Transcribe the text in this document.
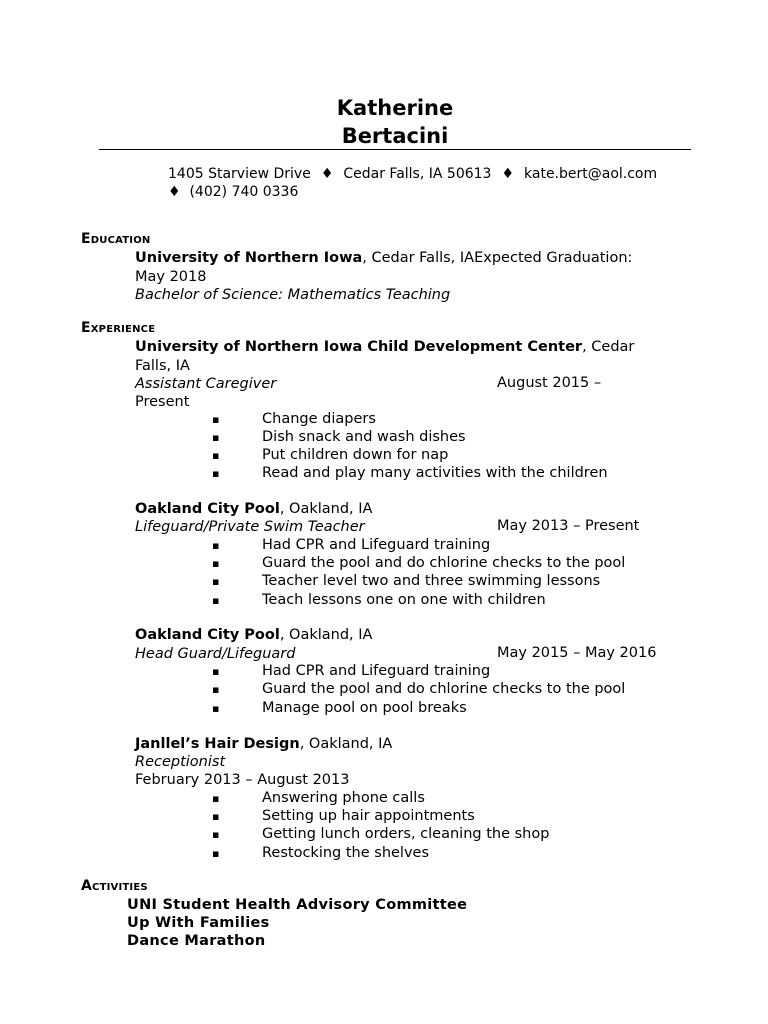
Katherine
Bertacini
1405 Starview Drive ♦ Cedar Falls, IA 50613 ♦ kate.bert@aol.com
♦ (402) 740 0336
Education
University of Northern Iowa, Cedar Falls, IAExpected Graduation:
May 2018
Bachelor of Science: Mathematics Teaching
Experience
University of Northern Iowa Child Development Center, Cedar
Falls, IA
Assistant Caregiver	August 2015 –
Present
▪	Change diapers
▪	Dish snack and wash dishes
▪	Put children down for nap
▪	Read and play many activities with the children
Oakland City Pool, Oakland, IA
Lifeguard/Private Swim Teacher	May 2013 – Present
▪	Had CPR and Lifeguard training
▪	Guard the pool and do chlorine checks to the pool
▪	Teacher level two and three swimming lessons
▪	Teach lessons one on one with children
Oakland City Pool, Oakland, IA
Head Guard/Lifeguard	May 2015 – May 2016
▪	Had CPR and Lifeguard training
▪	Guard the pool and do chlorine checks to the pool
▪	Manage pool on pool breaks
Janllel’s Hair Design, Oakland, IA
Receptionist
February 2013 – August 2013
▪	Answering phone calls
▪	Setting up hair appointments
▪	Getting lunch orders, cleaning the shop
▪	Restocking the shelves
Activities
UNI Student Health Advisory Committee
Up With Families
Dance Marathon
